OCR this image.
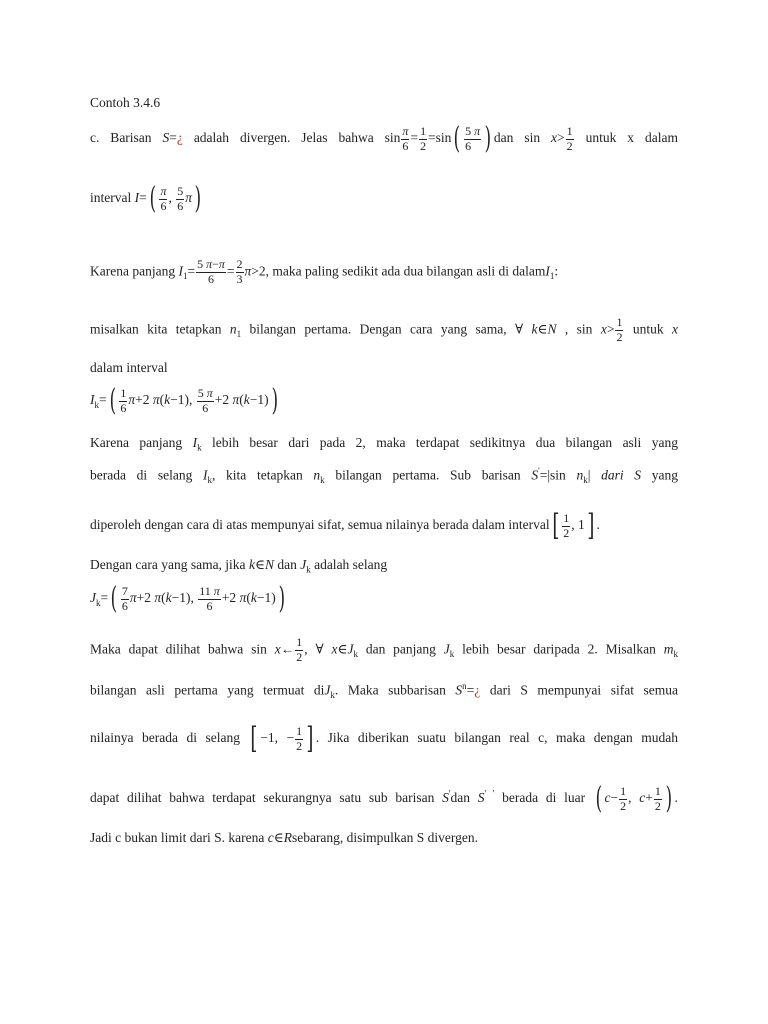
Contoh 3.4.6
c. Barisan S=¿ adalah divergen. Jelas bahwa $\sin \frac{\pi}{6} = \frac{1}{2} =\sin( \frac{5 \pi}{6}$ ) dan $\sin x> \frac{1}{2}$ untuk x dalam
interval $I=( \frac{\pi}{6}$ , $\frac{5}{6} \pi$)
Karena panjang $I_1= \frac{5 \pi-\pi}{6} = \frac{2}{3} \pi>2$, maka paling sedikit ada dua bilangan asli di dalamI$_1$:
misalkan kita tetapkan $n_1$ bilangan pertama. Dengan cara yang sama, ∀ k∈N , $\sin x> \frac{1}{2}$ untuk x
dalam interval
$I_k=( \frac{1}{6} \pi+2$ π(k−1), $\frac{5 \pi}{6} +2$ π(k−1))
Karena panjang $I_k$ lebih besar dari pada 2, maka terdapat sedikitnya dua bilangan asli yang
berada di selang $I_k$, kita tetapkan $n_k$ bilangan pertama. Sub barisan S'=|sin $n_k|$ dari S yang
diperoleh dengan cara di atas mempunyai sifat, semua nilainya berada dalam interval[ $\frac{1}{2}$ , 1] .
Dengan cara yang sama, jika k∈N dan $J_k$ adalah selang
$J_k=( \frac{7}{6} \pi+2$ π(k−1), $\frac{11 \pi}{6} +2$ π(k−1))
Maka dapat dilihat bahwa sin x← $\frac{1}{2}$ , ∀ $x\in J_k$ dan panjang $J_k$ lebih besar daripada 2. Misalkan $m_k$
bilangan asli pertama yang termuat diJ$_k$. Maka subbarisan $S^n=¿$ dari S mempunyai sifat semua
nilainya berada di selang [ −1, − $\frac{1}{2}$ ] . Jika diberikan suatu bilangan real c, maka dengan mudah
dapat dilihat bahwa terdapat sekurangnya satu sub barisan S'dan S' ' berada di luar ( $c- \frac{1}{2}$ , $c+ \frac{1}{2}$ ) .
Jadi c bukan limit dari S. karena c∈Rsebarang, disimpulkan S divergen.
